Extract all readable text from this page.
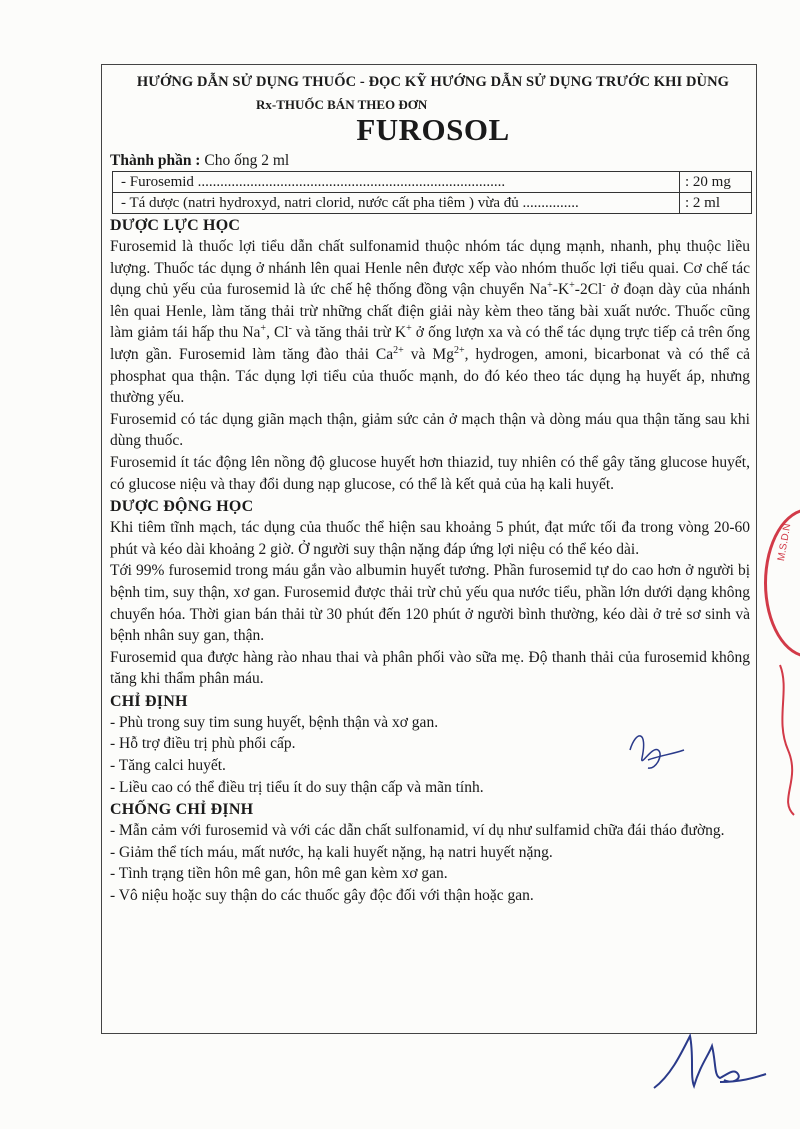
HƯỚNG DẪN SỬ DỤNG THUỐC - ĐỌC KỸ HƯỚNG DẪN SỬ DỤNG TRƯỚC KHI DÙNG
Rx-THUỐC BÁN THEO ĐƠN
FUROSOL
Thành phần : Cho ống 2 ml
- Furosemid ..................................................................................	: 20 mg
- Tá dược (natri hydroxyd, natri clorid, nước cất pha tiêm ) vừa đủ ...............	: 2 ml
DƯỢC LỰC HỌC

Furosemid là thuốc lợi tiểu dẫn chất sulfonamid thuộc nhóm tác dụng mạnh, nhanh, phụ thuộc liều lượng. Thuốc tác dụng ở nhánh lên quai Henle nên được xếp vào nhóm thuốc lợi tiểu quai. Cơ chế tác dụng chủ yếu của furosemid là ức chế hệ thống đồng vận chuyển Na+-K+-2Cl- ở đoạn dày của nhánh lên quai Henle, làm tăng thải trừ những chất điện giải này kèm theo tăng bài xuất nước. Thuốc cũng làm giảm tái hấp thu Na+, Cl- và tăng thải trừ K+ ở ống lượn xa và có thể tác dụng trực tiếp cả trên ống lượn gần. Furosemid làm tăng đào thải $Ca^{2+}$ và $Mg^{2+}$, hydrogen, amoni, bicarbonat và có thể cả phosphat qua thận. Tác dụng lợi tiểu của thuốc mạnh, do đó kéo theo tác dụng hạ huyết áp, nhưng thường yếu.

Furosemid có tác dụng giãn mạch thận, giảm sức cản ở mạch thận và dòng máu qua thận tăng sau khi dùng thuốc.

Furosemid ít tác động lên nồng độ glucose huyết hơn thiazid, tuy nhiên có thể gây tăng glucose huyết, có glucose niệu và thay đổi dung nạp glucose, có thể là kết quả của hạ kali huyết.

DƯỢC ĐỘNG HỌC

Khi tiêm tĩnh mạch, tác dụng của thuốc thể hiện sau khoảng 5 phút, đạt mức tối đa trong vòng 20-60 phút và kéo dài khoảng 2 giờ. Ở người suy thận nặng đáp ứng lợi niệu có thể kéo dài.

Tới 99% furosemid trong máu gắn vào albumin huyết tương. Phần furosemid tự do cao hơn ở người bị bệnh tim, suy thận, xơ gan. Furosemid được thải trừ chủ yếu qua nước tiểu, phần lớn dưới dạng không chuyển hóa. Thời gian bán thải từ 30 phút đến 120 phút ở người bình thường, kéo dài ở trẻ sơ sinh và bệnh nhân suy gan, thận.

Furosemid qua được hàng rào nhau thai và phân phối vào sữa mẹ. Độ thanh thải của furosemid không tăng khi thẩm phân máu.

CHỈ ĐỊNH

- Phù trong suy tim sung huyết, bệnh thận và xơ gan.

- Hỗ trợ điều trị phù phổi cấp.

- Tăng calci huyết.

- Liều cao có thể điều trị tiểu ít do suy thận cấp và mãn tính.

CHỐNG CHỈ ĐỊNH

- Mẫn cảm với furosemid và với các dẫn chất sulfonamid, ví dụ như sulfamid chữa đái tháo đường.

- Giảm thể tích máu, mất nước, hạ kali huyết nặng, hạ natri huyết nặng.

- Tình trạng tiền hôn mê gan, hôn mê gan kèm xơ gan.

- Vô niệu hoặc suy thận do các thuốc gây độc đối với thận hoặc gan.

M.S.D.N
